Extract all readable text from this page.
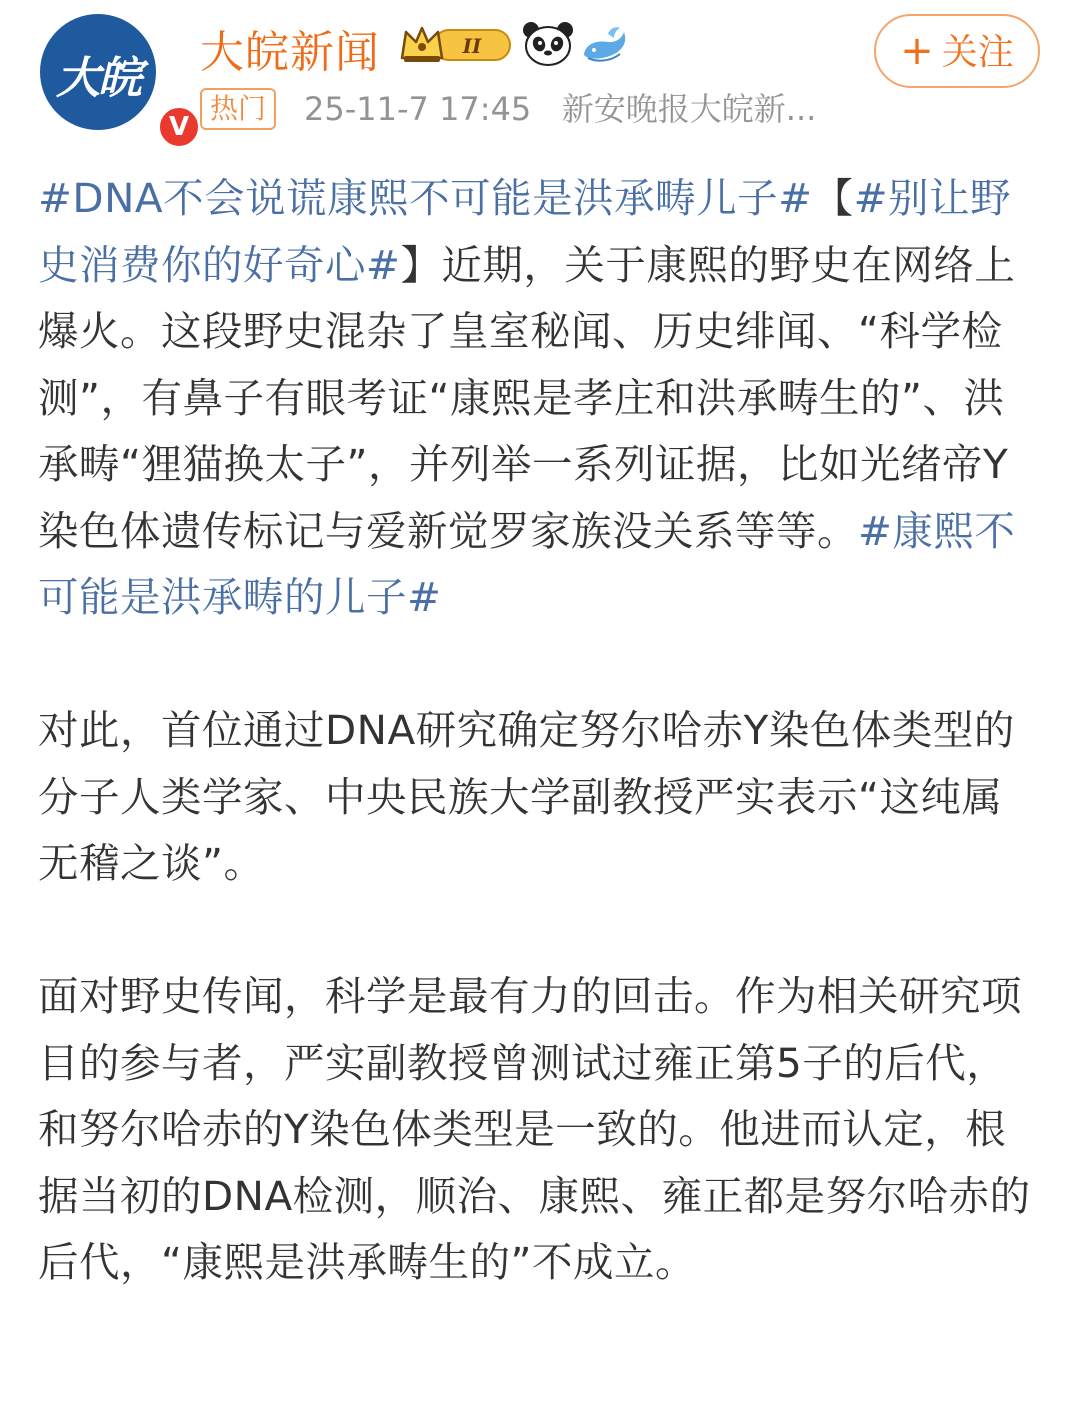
大皖
V
大皖新闻	II
热门	25-11-7 17:45 新安晚报大皖新...
+ 关注

#DNA不会说谎康熙不可能是洪承畴儿子#【#别让野史消费你的好奇心#】近期，关于康熙的野史在网络上爆火。这段野史混杂了皇室秘闻、历史绯闻、“科学检测”，有鼻子有眼考证“康熙是孝庄和洪承畴生的”、洪承畴“狸猫换太子”，并列举一系列证据，比如光绪帝Y染色体遗传标记与爱新觉罗家族没关系等等。#康熙不可能是洪承畴的儿子#

对此，首位通过DNA研究确定努尔哈赤Y染色体类型的分子人类学家、中央民族大学副教授严实表示“这纯属无稽之谈”。

面对野史传闻，科学是最有力的回击。作为相关研究项目的参与者，严实副教授曾测试过雍正第5子的后代，和努尔哈赤的Y染色体类型是一致的。他进而认定，根据当初的DNA检测，顺治、康熙、雍正都是努尔哈赤的后代，“康熙是洪承畴生的”不成立。
